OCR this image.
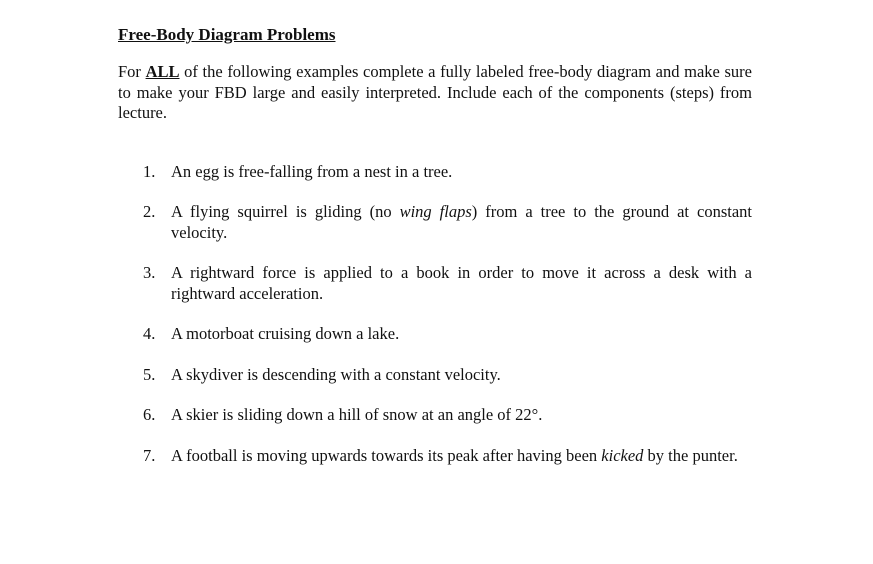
Free-Body Diagram Problems

For ALL of the following examples complete a fully labeled free-body diagram and make sure to make your FBD large and easily interpreted. Include each of the components (steps) from lecture.

1. An egg is free-falling from a nest in a tree.
2. A flying squirrel is gliding (no wing flaps) from a tree to the ground at constant velocity.
3. A rightward force is applied to a book in order to move it across a desk with a rightward acceleration.
4. A motorboat cruising down a lake.
5. A skydiver is descending with a constant velocity.
6. A skier is sliding down a hill of snow at an angle of 22°.
7. A football is moving upwards towards its peak after having been kicked by the punter.
